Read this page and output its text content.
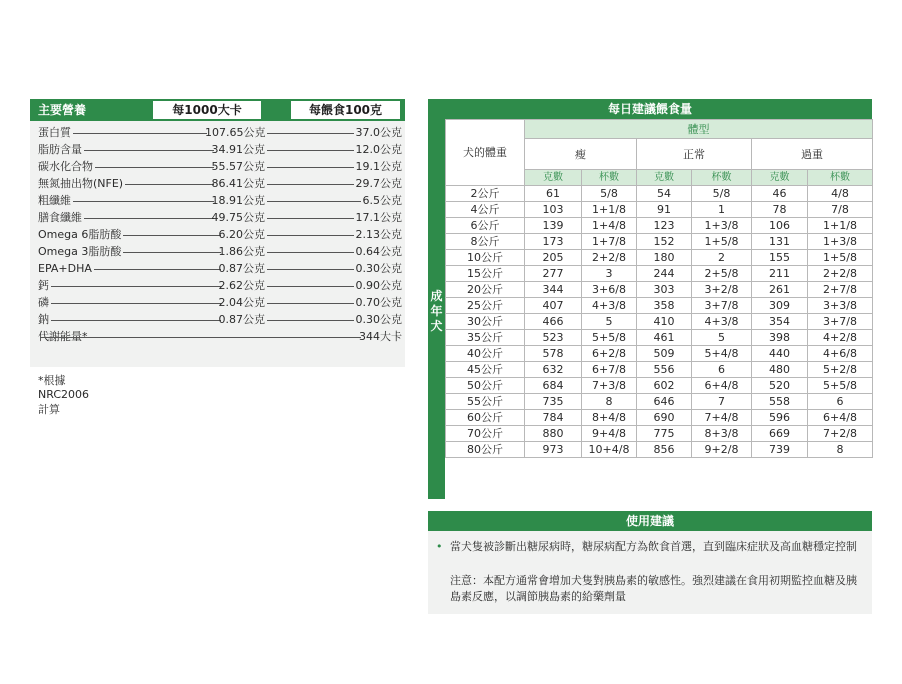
主要營養	每1000大卡	每餵食100克
蛋白質	107.65公克	37.0公克
脂肪含量	34.91公克	12.0公克
碳水化合物	55.57公克	19.1公克
無氮抽出物(NFE)	86.41公克	29.7公克
粗纖維	18.91公克	6.5公克
膳食纖維	49.75公克	17.1公克
Omega 6脂肪酸	6.20公克	2.13公克
Omega 3脂肪酸	1.86公克	0.64公克
EPA+DHA	0.87公克	0.30公克
鈣	2.62公克	0.90公克
磷	2.04公克	0.70公克
鈉	0.87公克	0.30公克
代謝能量*	344大卡
*根據NRC2006計算
每日建議餵食量
成年犬
犬的體重	體型					
	瘦		正常		過重	
	克數	杯數	克數	杯數	克數	杯數
2公斤	61	5/8	54	5/8	46	4/8
4公斤	103	1+1/8	91	1	78	7/8
6公斤	139	1+4/8	123	1+3/8	106	1+1/8
8公斤	173	1+7/8	152	1+5/8	131	1+3/8
10公斤	205	2+2/8	180	2	155	1+5/8
15公斤	277	3	244	2+5/8	211	2+2/8
20公斤	344	3+6/8	303	3+2/8	261	2+7/8
25公斤	407	4+3/8	358	3+7/8	309	3+3/8
30公斤	466	5	410	4+3/8	354	3+7/8
35公斤	523	5+5/8	461	5	398	4+2/8
40公斤	578	6+2/8	509	5+4/8	440	4+6/8
45公斤	632	6+7/8	556	6	480	5+2/8
50公斤	684	7+3/8	602	6+4/8	520	5+5/8
55公斤	735	8	646	7	558	6
60公斤	784	8+4/8	690	7+4/8	596	6+4/8
70公斤	880	9+4/8	775	8+3/8	669	7+2/8
80公斤	973	10+4/8	856	9+2/8	739	8
使用建議
• 當犬隻被診斷出糖尿病時，糖尿病配方為飲食首選，直到臨床症狀及高血糖穩定控制
注意：本配方通常會增加犬隻對胰島素的敏感性。強烈建議在食用初期監控血糖及胰島素反應，以調節胰島素的給藥劑量
